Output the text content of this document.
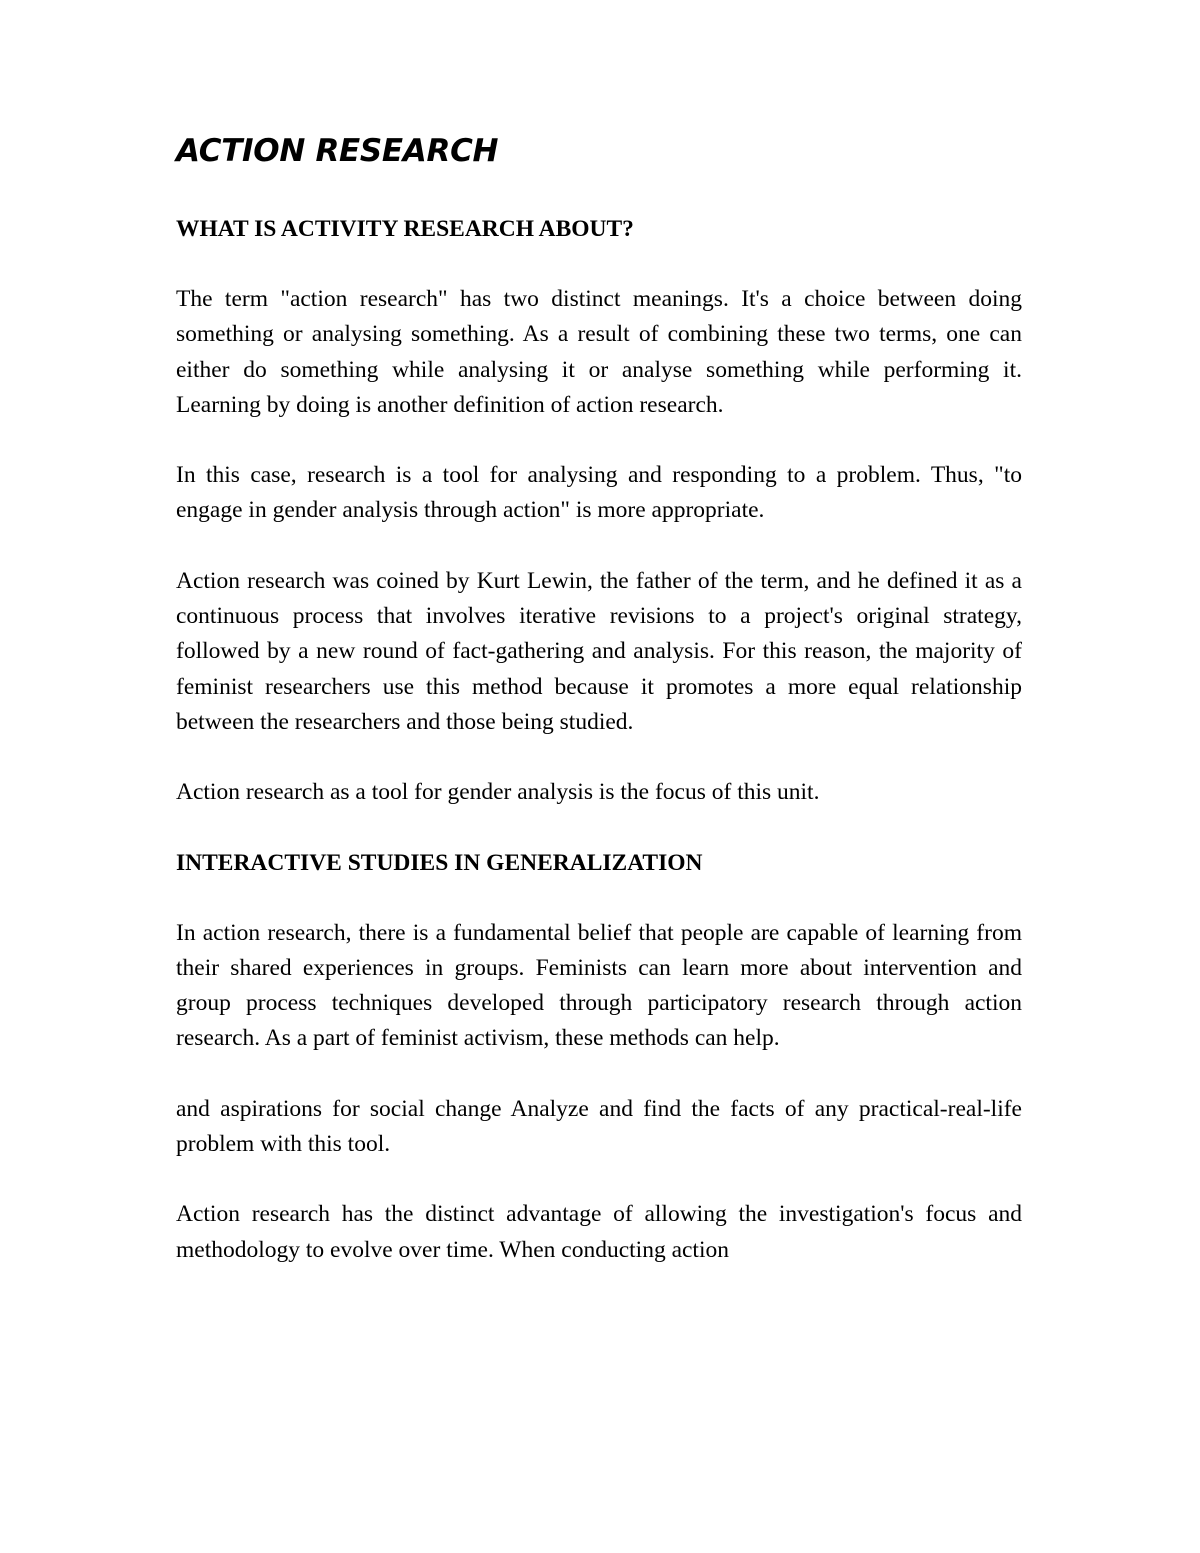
ACTION RESEARCH
WHAT IS ACTIVITY RESEARCH ABOUT?

The term "action research" has two distinct meanings. It's a choice between doing something or analysing something. As a result of combining these two terms, one can either do something while analysing it or analyse something while performing it. Learning by doing is another definition of action research.

In this case, research is a tool for analysing and responding to a problem. Thus, "to engage in gender analysis through action" is more appropriate.

Action research was coined by Kurt Lewin, the father of the term, and he defined it as a continuous process that involves iterative revisions to a project's original strategy, followed by a new round of fact-gathering and analysis. For this reason, the majority of feminist researchers use this method because it promotes a more equal relationship between the researchers and those being studied.

Action research as a tool for gender analysis is the focus of this unit.

INTERACTIVE STUDIES IN GENERALIZATION

In action research, there is a fundamental belief that people are capable of learning from their shared experiences in groups. Feminists can learn more about intervention and group process techniques developed through participatory research through action research. As a part of feminist activism, these methods can help.

and aspirations for social change Analyze and find the facts of any practical-real-life problem with this tool.

Action research has the distinct advantage of allowing the investigation's focus and methodology to evolve over time. When conducting action
